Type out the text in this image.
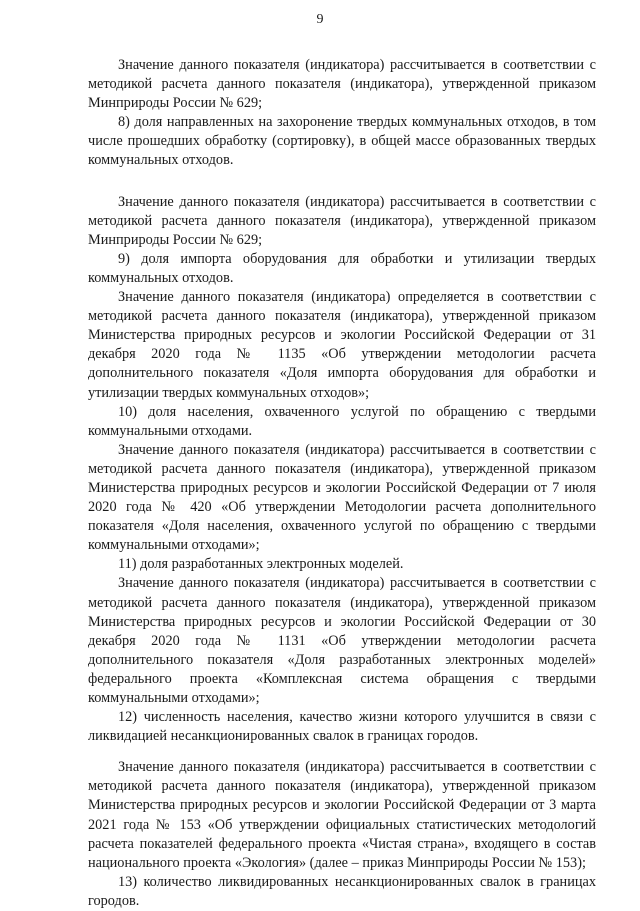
9

Значение данного показателя (индикатора) рассчитывается в соответствии с методикой расчета данного показателя (индикатора), утвержденной приказом Минприроды России № 629;

8) доля направленных на захоронение твердых коммунальных отходов, в том числе прошедших обработку (сортировку), в общей массе образованных твердых коммунальных отходов.

Значение данного показателя (индикатора) рассчитывается в соответствии с методикой расчета данного показателя (индикатора), утвержденной приказом Минприроды России № 629;

9) доля импорта оборудования для обработки и утилизации твердых коммунальных отходов.

Значение данного показателя (индикатора) определяется в соответствии с методикой расчета данного показателя (индикатора), утвержденной приказом Министерства природных ресурсов и экологии Российской Федерации от 31 декабря 2020 года № 1135 «Об утверждении методологии расчета дополнительного показателя «Доля импорта оборудования для обработки и утилизации твердых коммунальных отходов»;

10) доля населения, охваченного услугой по обращению с твердыми коммунальными отходами.

Значение данного показателя (индикатора) рассчитывается в соответствии с методикой расчета данного показателя (индикатора), утвержденной приказом Министерства природных ресурсов и экологии Российской Федерации от 7 июля 2020 года № 420 «Об утверждении Методологии расчета дополнительного показателя «Доля населения, охваченного услугой по обращению с твердыми коммунальными отходами»;

11) доля разработанных электронных моделей.

Значение данного показателя (индикатора) рассчитывается в соответствии с методикой расчета данного показателя (индикатора), утвержденной приказом Министерства природных ресурсов и экологии Российской Федерации от 30 декабря 2020 года № 1131 «Об утверждении методологии расчета дополнительного показателя «Доля разработанных электронных моделей» федерального проекта «Комплексная система обращения с твердыми коммунальными отходами»;

12) численность населения, качество жизни которого улучшится в связи с ликвидацией несанкционированных свалок в границах городов.

Значение данного показателя (индикатора) рассчитывается в соответствии с методикой расчета данного показателя (индикатора), утвержденной приказом Министерства природных ресурсов и экологии Российской Федерации от 3 марта 2021 года № 153 «Об утверждении официальных статистических методологий расчета показателей федерального проекта «Чистая страна», входящего в состав национального проекта «Экология» (далее – приказ Минприроды России № 153);

13) количество ликвидированных несанкционированных свалок в границах городов.
